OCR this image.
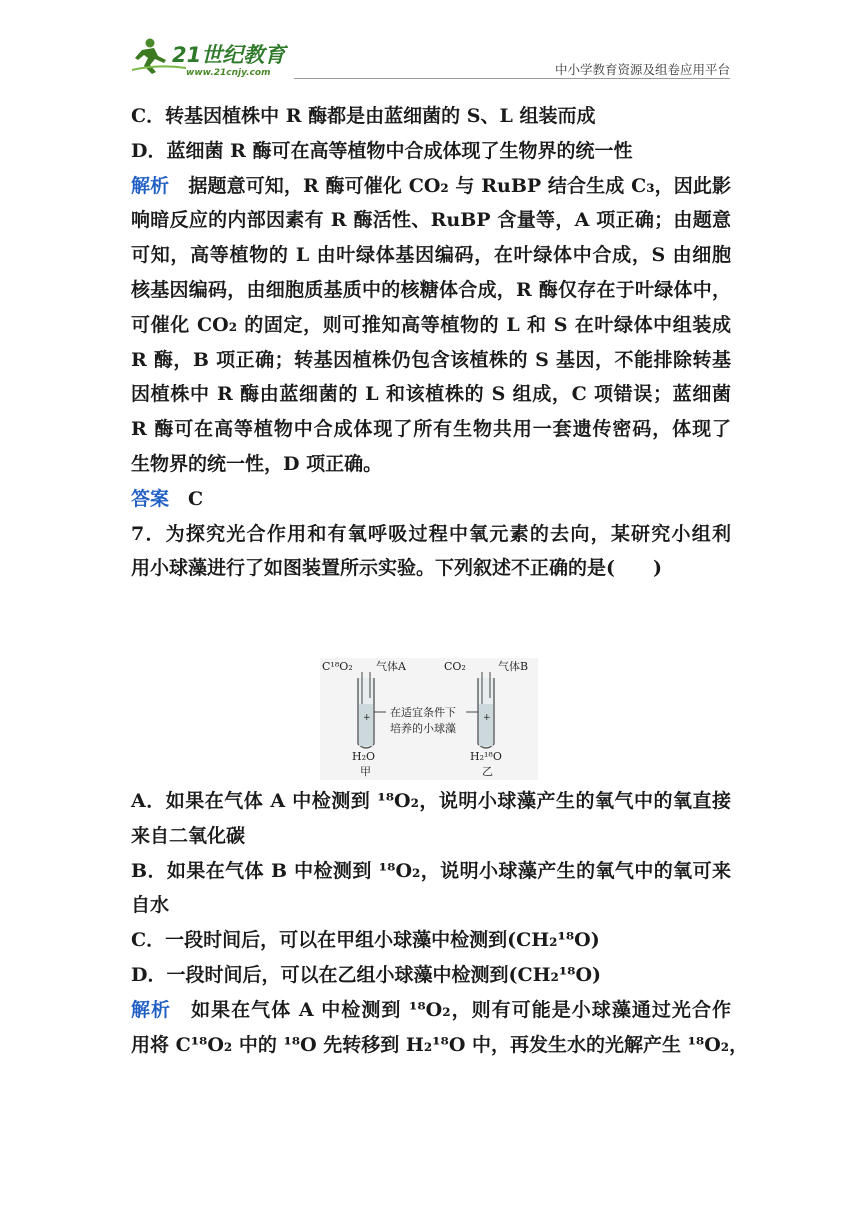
21世纪教育
www.21cnjy.com	中小学教育资源及组卷应用平台
C．转基因植株中 R 酶都是由蓝细菌的 S、L 组装而成
D．蓝细菌 R 酶可在高等植物中合成体现了生物界的统一性
解析　 据题意可知，R 酶可催化 CO₂ 与 RuBP 结合生成 C₃，因此影
响暗反应的内部因素有 R 酶活性、RuBP 含量等，A 项正确；由题意
可知，高等植物的 L 由叶绿体基因编码，在叶绿体中合成，S 由细胞
核基因编码，由细胞质基质中的核糖体合成，R 酶仅存在于叶绿体中，
可催化 CO₂ 的固定，则可推知高等植物的 L 和 S 在叶绿体中组装成
R 酶，B 项正确；转基因植株仍包含该植株的 S 基因，不能排除转基
因植株中 R 酶由蓝细菌的 L 和该植株的 S 组成，C 项错误；蓝细菌
R 酶可在高等植物中合成体现了所有生物共用一套遗传密码，体现了
生物界的统一性，D 项正确。
答案　 C
7．为探究光合作用和有氧呼吸过程中氧元素的去向，某研究小组利
用小球藻进行了如图装置所示实验。下列叙述不正确的是(　　)
+	+
C¹⁸O₂ 气体A	CO₂	气体B
在适宜条件下
培养的小球藻
H₂O	H₂¹⁸O
甲	乙
A．如果在气体 A 中检测到 ¹⁸O₂，说明小球藻产生的氧气中的氧直接
来自二氧化碳
B．如果在气体 B 中检测到 ¹⁸O₂，说明小球藻产生的氧气中的氧可来
自水
C．一段时间后，可以在甲组小球藻中检测到(CH₂¹⁸O)
D．一段时间后，可以在乙组小球藻中检测到(CH₂¹⁸O)
解析　 如果在气体 A 中检测到 ¹⁸O₂，则有可能是小球藻通过光合作
用将 C¹⁸O₂ 中的 ¹⁸O 先转移到 H₂¹⁸O 中，再发生水的光解产生 ¹⁸O₂，
